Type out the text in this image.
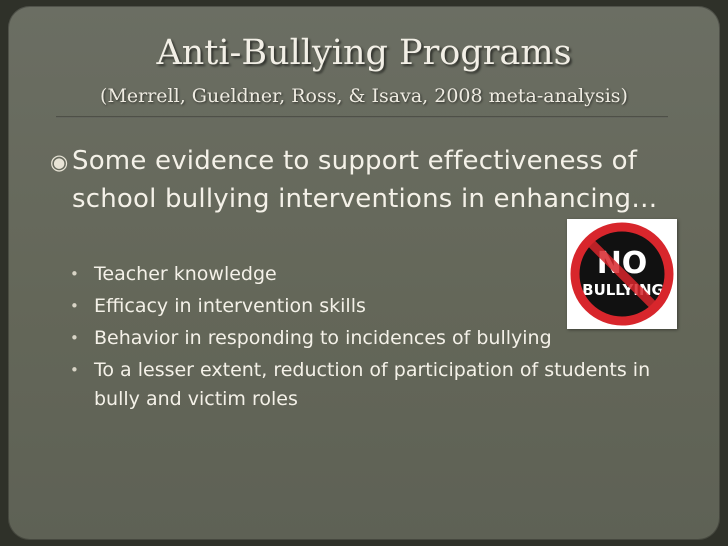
Anti-Bullying Programs
(Merrell, Gueldner, Ross, & Isava, 2008 meta-analysis)
◉ Some evidence to support effectiveness of school bullying interventions in enhancing…
• Teacher knowledge
• Efficacy in intervention skills
• Behavior in responding to incidences of bullying
• To a lesser extent, reduction of participation of students in bully and victim roles
NO
BULLYING
